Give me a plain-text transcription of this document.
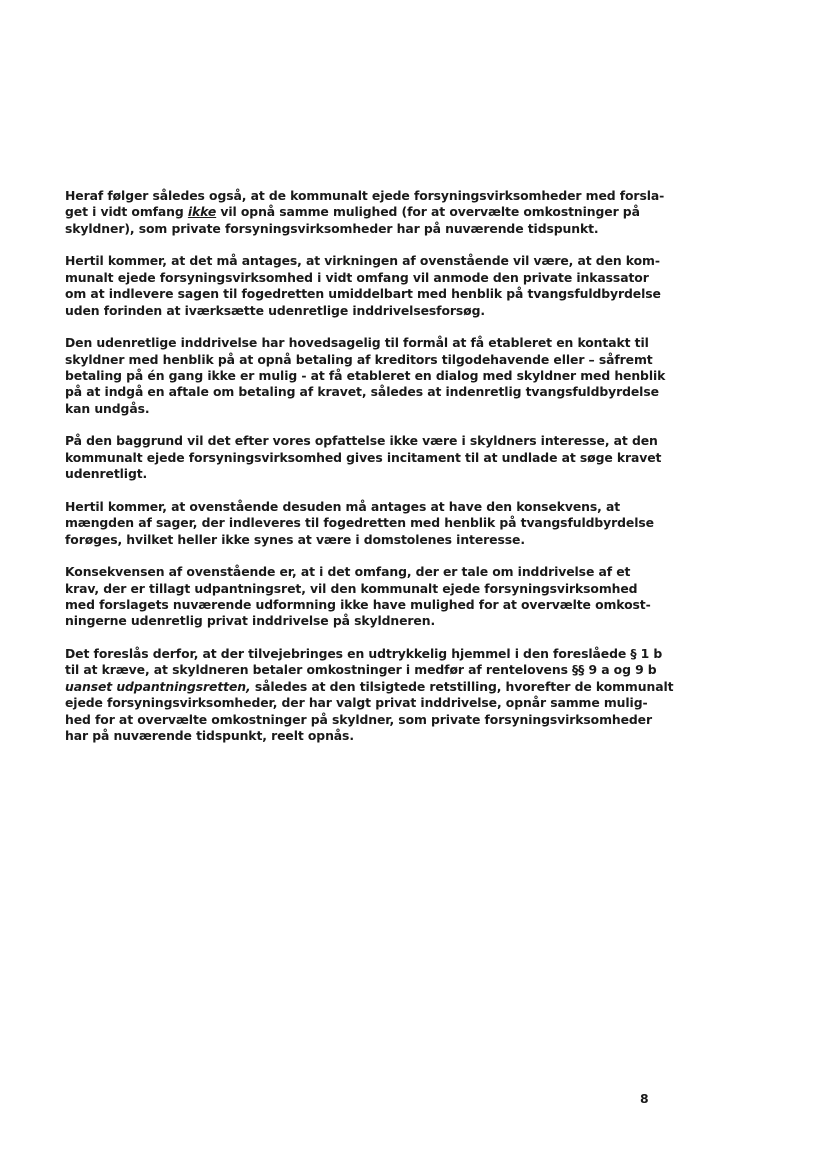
Heraf følger således også, at de kommunalt ejede forsyningsvirksomheder med forsla-
get i vidt omfang ikke vil opnå samme mulighed (for at overvælte omkostninger på
skyldner), som private forsyningsvirksomheder har på nuværende tidspunkt.

Hertil kommer, at det må antages, at virkningen af ovenstående vil være, at den kom-
munalt ejede forsyningsvirksomhed i vidt omfang vil anmode den private inkassator
om at indlevere sagen til fogedretten umiddelbart med henblik på tvangsfuldbyrdelse
uden forinden at iværksætte udenretlige inddrivelsesforsøg.

Den udenretlige inddrivelse har hovedsagelig til formål at få etableret en kontakt til
skyldner med henblik på at opnå betaling af kreditors tilgodehavende eller – såfremt
betaling på én gang ikke er mulig - at få etableret en dialog med skyldner med henblik
på at indgå en aftale om betaling af kravet, således at indenretlig tvangsfuldbyrdelse
kan undgås.

På den baggrund vil det efter vores opfattelse ikke være i skyldners interesse, at den
kommunalt ejede forsyningsvirksomhed gives incitament til at undlade at søge kravet
udenretligt.

Hertil kommer, at ovenstående desuden må antages at have den konsekvens, at
mængden af sager, der indleveres til fogedretten med henblik på tvangsfuldbyrdelse
forøges, hvilket heller ikke synes at være i domstolenes interesse.

Konsekvensen af ovenstående er, at i det omfang, der er tale om inddrivelse af et
krav, der er tillagt udpantningsret, vil den kommunalt ejede forsyningsvirksomhed
med forslagets nuværende udformning ikke have mulighed for at overvælte omkost-
ningerne udenretlig privat inddrivelse på skyldneren.

Det foreslås derfor, at der tilvejebringes en udtrykkelig hjemmel i den foreslåede § 1 b
til at kræve, at skyldneren betaler omkostninger i medfør af rentelovens §§ 9 a og 9 b
uanset udpantningsretten, således at den tilsigtede retstilling, hvorefter de kommunalt
ejede forsyningsvirksomheder, der har valgt privat inddrivelse, opnår samme mulig-
hed for at overvælte omkostninger på skyldner, som private forsyningsvirksomheder
har på nuværende tidspunkt, reelt opnås.

8
